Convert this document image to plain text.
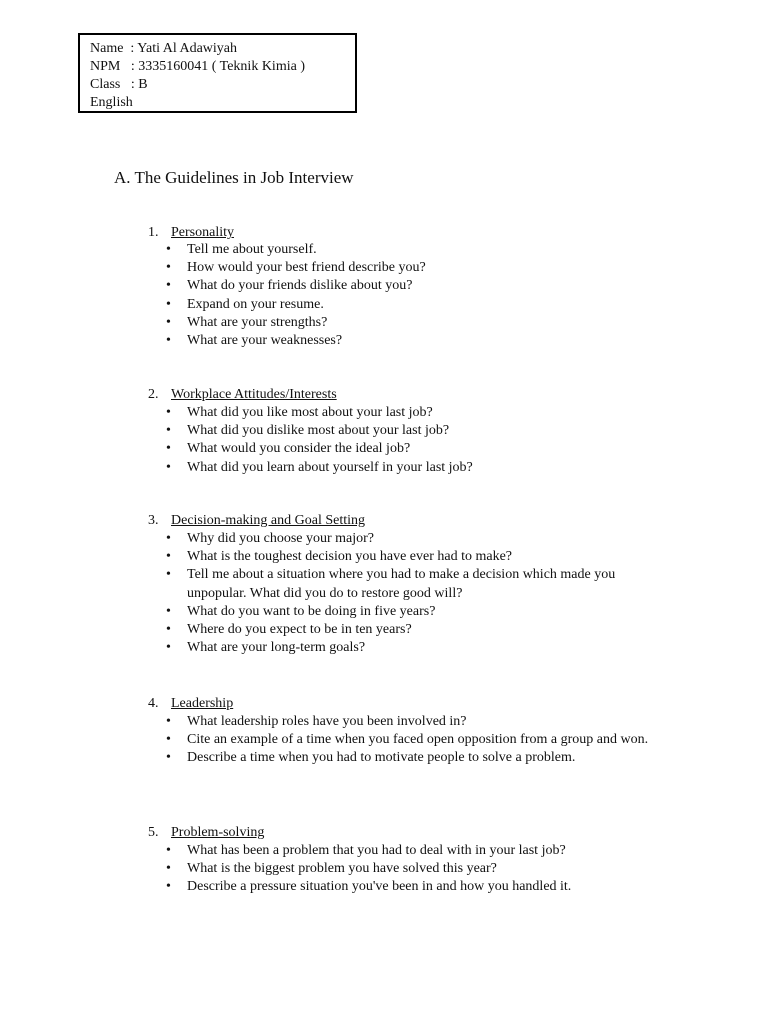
Name  : Yati Al Adawiyah
NPM   : 3335160041 ( Teknik Kimia )
Class   : B
English
A. The Guidelines in Job Interview

1. Personality

• Tell me about yourself.
• How would your best friend describe you?
• What do your friends dislike about you?
• Expand on your resume.
• What are your strengths?
• What are your weaknesses?

2. Workplace Attitudes/Interests

• What did you like most about your last job?
• What did you dislike most about your last job?
• What would you consider the ideal job?
• What did you learn about yourself in your last job?

3. Decision-making and Goal Setting

• Why did you choose your major?
• What is the toughest decision you have ever had to make?
• Tell me about a situation where you had to make a decision which made you unpopular. What did you do to restore good will?
• What do you want to be doing in five years?
• Where do you expect to be in ten years?
• What are your long-term goals?

4. Leadership

• What leadership roles have you been involved in?
• Cite an example of a time when you faced open opposition from a group and won.
• Describe a time when you had to motivate people to solve a problem.

5. Problem-solving

• What has been a problem that you had to deal with in your last job?
• What is the biggest problem you have solved this year?
• Describe a pressure situation you've been in and how you handled it.
